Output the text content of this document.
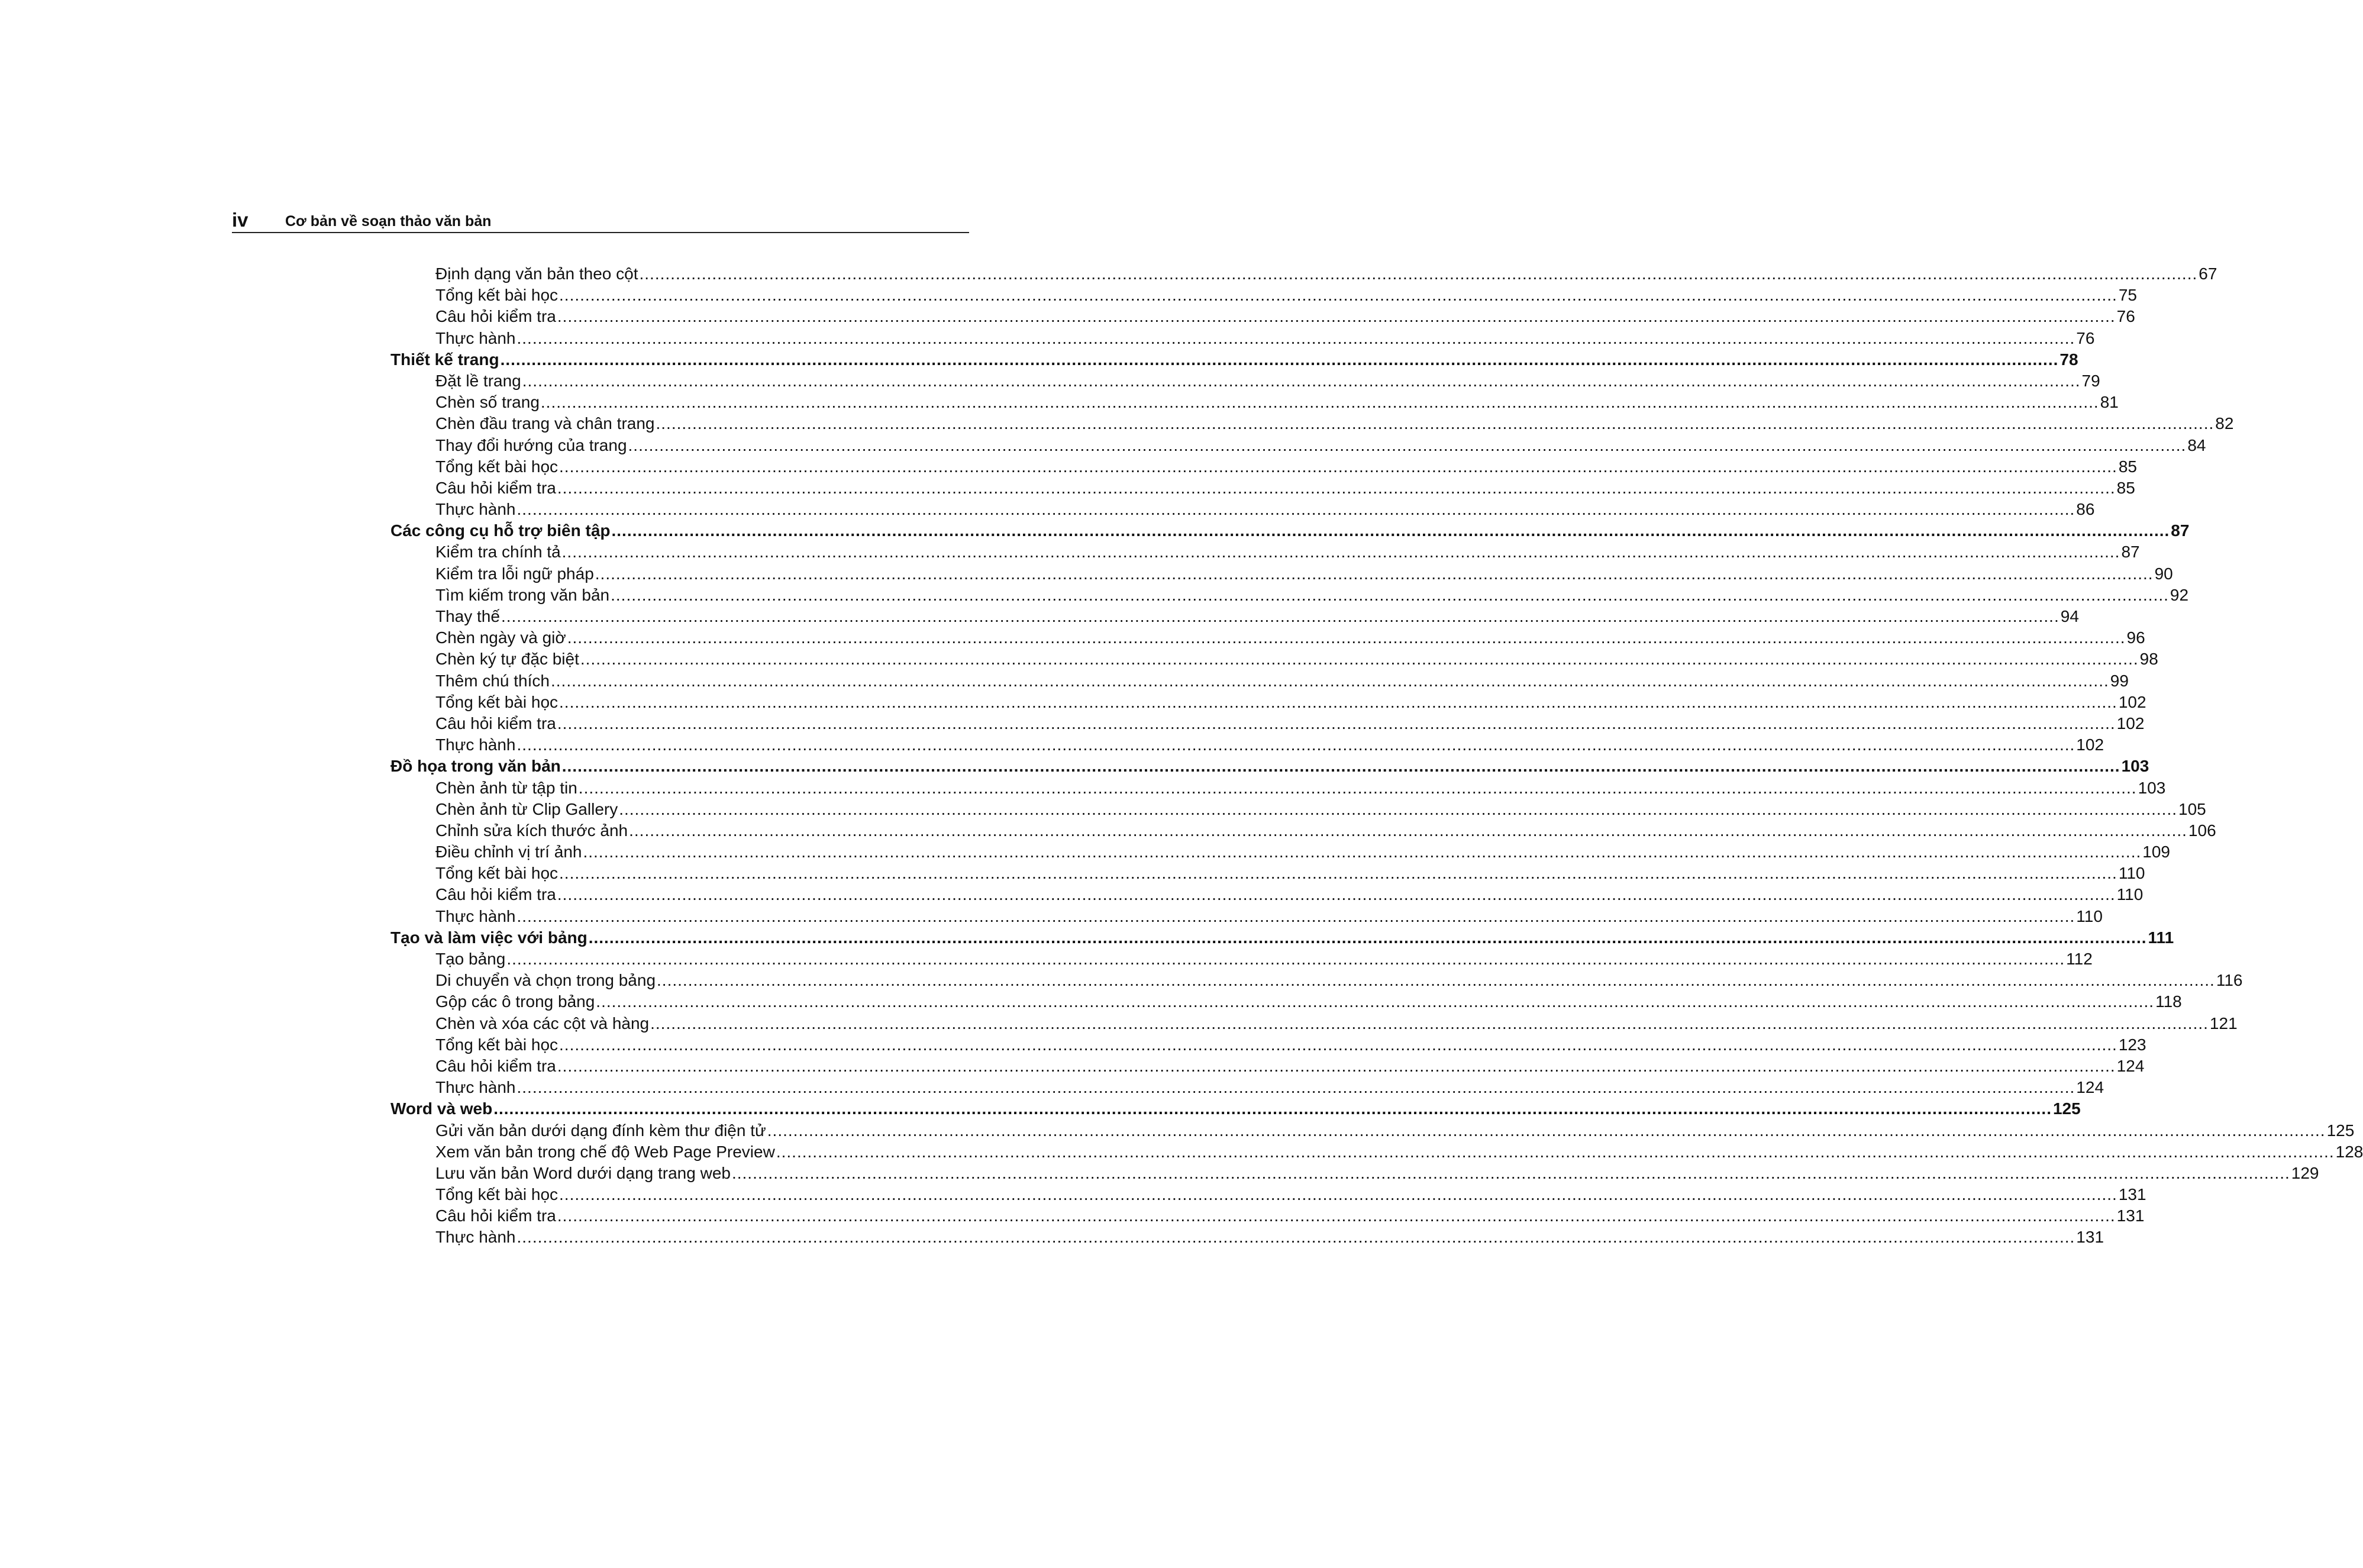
iv Cơ bản về soạn thảo văn bản
Định dạng văn bản theo cột ............................................................................................................................................................................................................................................................................................................ 67
Tổng kết bài học ............................................................................................................................................................................................................................................................................................................ 75
Câu hỏi kiểm tra ............................................................................................................................................................................................................................................................................................................ 76
Thực hành ............................................................................................................................................................................................................................................................................................................ 76
Thiết kế trang ............................................................................................................................................................................................................................................................................................................ 78
Đặt lề trang ............................................................................................................................................................................................................................................................................................................ 79
Chèn số trang ............................................................................................................................................................................................................................................................................................................ 81
Chèn đầu trang và chân trang ............................................................................................................................................................................................................................................................................................................ 82
Thay đổi hướng của trang ............................................................................................................................................................................................................................................................................................................ 84
Tổng kết bài học ............................................................................................................................................................................................................................................................................................................ 85
Câu hỏi kiểm tra ............................................................................................................................................................................................................................................................................................................ 85
Thực hành ............................................................................................................................................................................................................................................................................................................ 86
Các công cụ hỗ trợ biên tập ............................................................................................................................................................................................................................................................................................................ 87
Kiểm tra chính tả ............................................................................................................................................................................................................................................................................................................ 87
Kiểm tra lỗi ngữ pháp ............................................................................................................................................................................................................................................................................................................ 90
Tìm kiếm trong văn bản ............................................................................................................................................................................................................................................................................................................ 92
Thay thế ............................................................................................................................................................................................................................................................................................................ 94
Chèn ngày và giờ ............................................................................................................................................................................................................................................................................................................ 96
Chèn ký tự đặc biệt ............................................................................................................................................................................................................................................................................................................ 98
Thêm chú thích ............................................................................................................................................................................................................................................................................................................ 99
Tổng kết bài học ............................................................................................................................................................................................................................................................................................................ 102
Câu hỏi kiểm tra ............................................................................................................................................................................................................................................................................................................ 102
Thực hành ............................................................................................................................................................................................................................................................................................................ 102
Đồ họa trong văn bản ............................................................................................................................................................................................................................................................................................................ 103
Chèn ảnh từ tập tin ............................................................................................................................................................................................................................................................................................................ 103
Chèn ảnh từ Clip Gallery ............................................................................................................................................................................................................................................................................................................ 105
Chỉnh sửa kích thước ảnh ............................................................................................................................................................................................................................................................................................................ 106
Điều chỉnh vị trí ảnh ............................................................................................................................................................................................................................................................................................................ 109
Tổng kết bài học ............................................................................................................................................................................................................................................................................................................ 110
Câu hỏi kiểm tra ............................................................................................................................................................................................................................................................................................................ 110
Thực hành ............................................................................................................................................................................................................................................................................................................ 110
Tạo và làm việc với bảng ............................................................................................................................................................................................................................................................................................................ 111
Tạo bảng ............................................................................................................................................................................................................................................................................................................ 112
Di chuyển và chọn trong bảng ............................................................................................................................................................................................................................................................................................................ 116
Gộp các ô trong bảng ............................................................................................................................................................................................................................................................................................................ 118
Chèn và xóa các cột và hàng ............................................................................................................................................................................................................................................................................................................ 121
Tổng kết bài học ............................................................................................................................................................................................................................................................................................................ 123
Câu hỏi kiểm tra ............................................................................................................................................................................................................................................................................................................ 124
Thực hành ............................................................................................................................................................................................................................................................................................................ 124
Word và web ............................................................................................................................................................................................................................................................................................................ 125
Gửi văn bản dưới dạng đính kèm thư điện tử ............................................................................................................................................................................................................................................................................................................ 125
Xem văn bản trong chế độ Web Page Preview ............................................................................................................................................................................................................................................................................................................ 128
Lưu văn bản Word dưới dạng trang web ............................................................................................................................................................................................................................................................................................................ 129
Tổng kết bài học ............................................................................................................................................................................................................................................................................................................ 131
Câu hỏi kiểm tra ............................................................................................................................................................................................................................................................................................................ 131
Thực hành ............................................................................................................................................................................................................................................................................................................ 131
